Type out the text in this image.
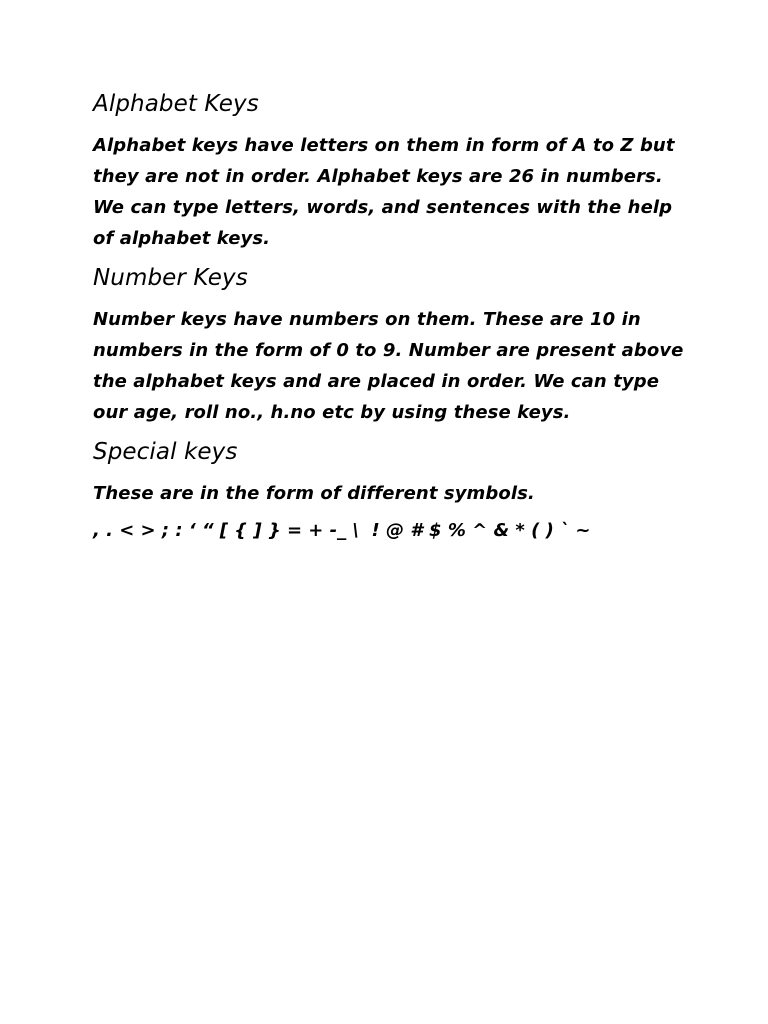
Alphabet Keys
Alphabet keys have letters on them in form of A to Z but they are not in order. Alphabet keys are 26 in numbers. We can type letters, words, and sentences with the help of alphabet keys.
Number Keys
Number keys have numbers on them. These are 10 in numbers in the form of 0 to 9. Number are present above the alphabet keys and are placed in order. We can type our age, roll no., h.no etc by using these keys.
Special keys
These are in the form of different symbols.
, . < > ; : ‘ “ [ { ] } = + -_ \  ! @ # $ % ^ & * ( ) ` ~
